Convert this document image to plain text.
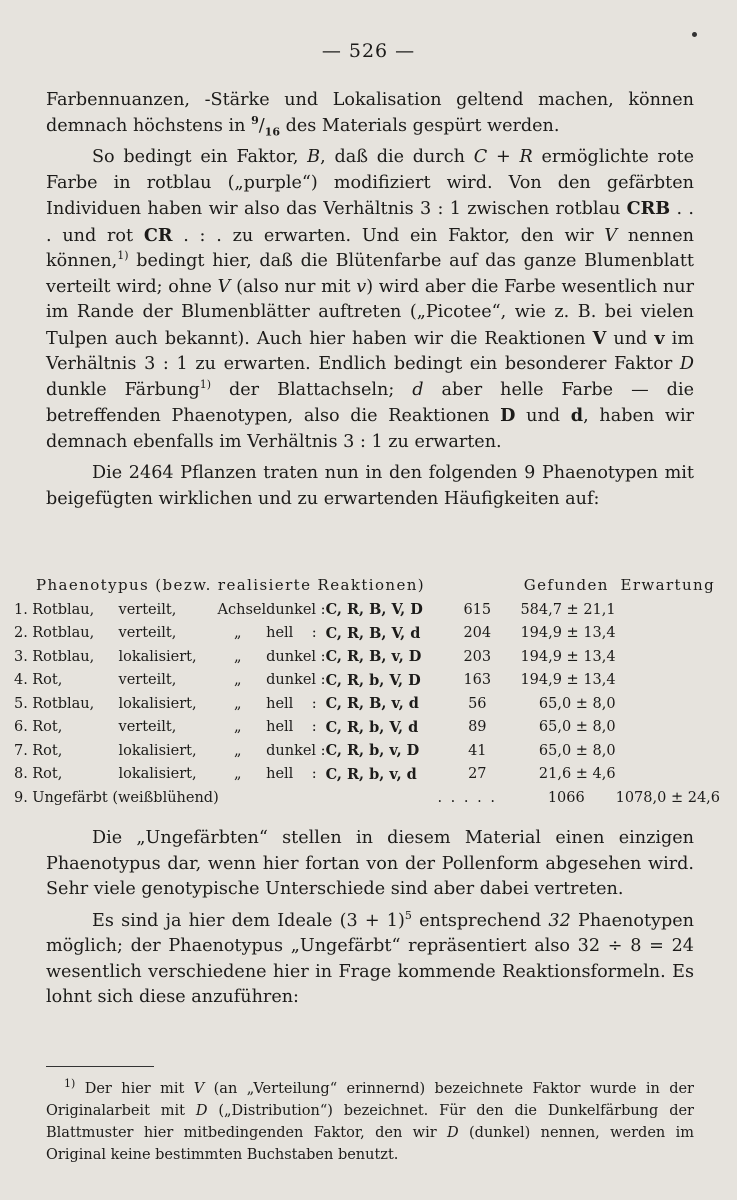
— 526 —

Farbennuanzen, -Stärke und Lokalisation geltend machen, können demnach höchstens in $^9/_{16}$ des Materials gespürt werden.

So bedingt ein Faktor, B, daß die durch C + R ermöglichte rote Farbe in rotblau („purple“) modifiziert wird. Von den gefärbten Individuen haben wir also das Verhältnis 3 : 1 zwischen rotblau CRB . . . und rot CR . : . zu erwarten. Und ein Faktor, den wir V nennen können,$^{1)}$ bedingt hier, daß die Blütenfarbe auf das ganze Blumenblatt verteilt wird; ohne V (also nur mit v) wird aber die Farbe wesentlich nur im Rande der Blumenblätter auftreten („Picotee“, wie z. B. bei vielen Tulpen auch bekannt). Auch hier haben wir die Reaktionen V und v im Verhältnis 3 : 1 zu erwarten. Endlich bedingt ein besonderer Faktor D dunkle Färbung$^{1)}$ der Blattachseln; d aber helle Farbe — die betreffenden Phaenotypen, also die Reaktionen D und d, haben wir demnach ebenfalls im Verhältnis 3 : 1 zu erwarten.

Die 2464 Pflanzen traten nun in den folgenden 9 Phaenotypen mit beigefügten wirklichen und zu erwartenden Häufigkeiten auf:

Phaenotypus (bezw. realisierte Reaktionen)							Gefunden	Erwartung
1.	Rotblau,	verteilt,	Achsel	dunkel :	C, R, B, V, D	615	584,7 ± 21,1	
2.	Rotblau,	verteilt,	„	hell    :	C, R, B, V, d	204	194,9 ± 13,4	
3.	Rotblau,	lokalisiert,	„	dunkel :	C, R, B, v, D	203	194,9 ± 13,4	
4.	Rot,	verteilt,	„	dunkel :	C, R, b, V, D	163	194,9 ± 13,4	
5.	Rotblau,	lokalisiert,	„	hell    :	C, R, B, v, d	56	65,0 ± 8,0	
6.	Rot,	verteilt,	„	hell    :	C, R, b, V, d	89	65,0 ± 8,0	
7.	Rot,	lokalisiert,	„	dunkel :	C, R, b, v, D	41	65,0 ± 8,0	
8.	Rot,	lokalisiert,	„	hell    :	C, R, b, v, d	27	21,6 ± 4,6	
9.	Ungefärbt (weißblühend)			. . . . .			1066	1078,0 ± 24,6

Die „Ungefärbten“ stellen in diesem Material einen einzigen Phaenotypus dar, wenn hier fortan von der Pollenform abgesehen wird. Sehr viele genotypische Unterschiede sind aber dabei vertreten.

Es sind ja hier dem Ideale $(3 + 1)^5$ entsprechend 32 Phaenotypen möglich; der Phaenotypus „Ungefärbt“ repräsentiert also 32 ÷ 8 = 24 wesentlich verschiedene hier in Frage kommende Reaktionsformeln. Es lohnt sich diese anzuführen:

$^{1)}$ Der hier mit V (an „Verteilung“ erinnernd) bezeichnete Faktor wurde in der Originalarbeit mit D („Distribution“) bezeichnet. Für den die Dunkelfärbung der Blattmuster hier mitbedingenden Faktor, den wir D (dunkel) nennen, werden im Original keine bestimmten Buchstaben benutzt.
